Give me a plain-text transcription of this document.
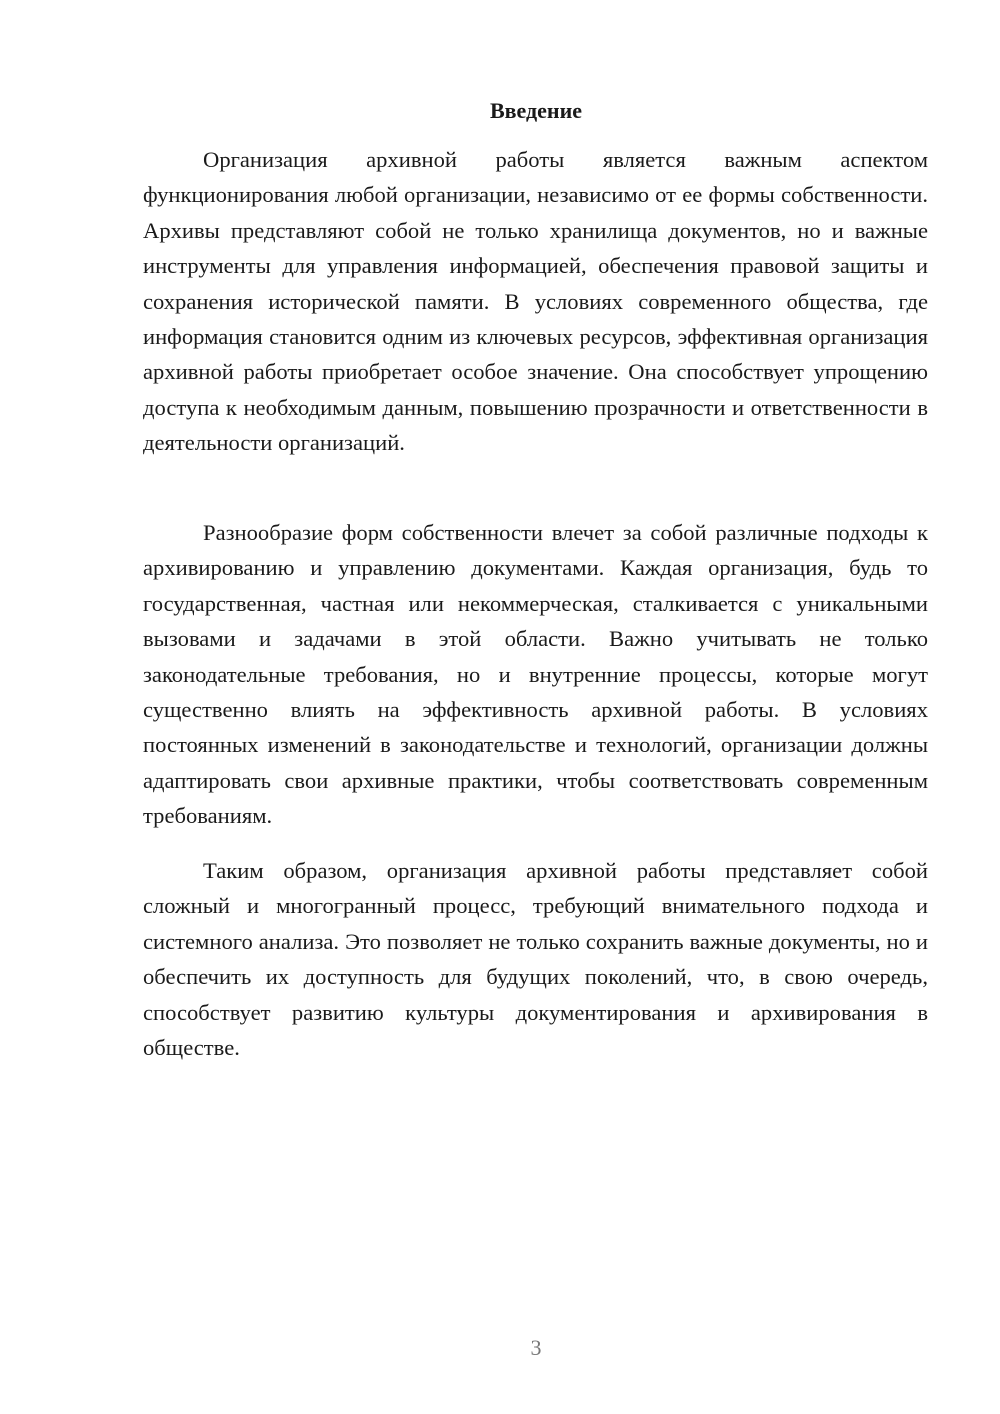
Введение

Организация архивной работы является важным аспектом функционирования любой организации, независимо от ее формы собственности. Архивы представляют собой не только хранилища документов, но и важные инструменты для управления информацией, обеспечения правовой защиты и сохранения исторической памяти. В условиях современного общества, где информация становится одним из ключевых ресурсов, эффективная организация архивной работы приобретает особое значение. Она способствует упрощению доступа к необходимым данным, повышению прозрачности и ответственности в деятельности организаций.

Разнообразие форм собственности влечет за собой различные подходы к архивированию и управлению документами. Каждая организация, будь то государственная, частная или некоммерческая, сталкивается с уникальными вызовами и задачами в этой области. Важно учитывать не только законодательные требования, но и внутренние процессы, которые могут существенно влиять на эффективность архивной работы. В условиях постоянных изменений в законодательстве и технологий, организации должны адаптировать свои архивные практики, чтобы соответствовать современным требованиям.

Таким образом, организация архивной работы представляет собой сложный и многогранный процесс, требующий внимательного подхода и системного анализа. Это позволяет не только сохранить важные документы, но и обеспечить их доступность для будущих поколений, что, в свою очередь, способствует развитию культуры документирования и архивирования в обществе.

3
